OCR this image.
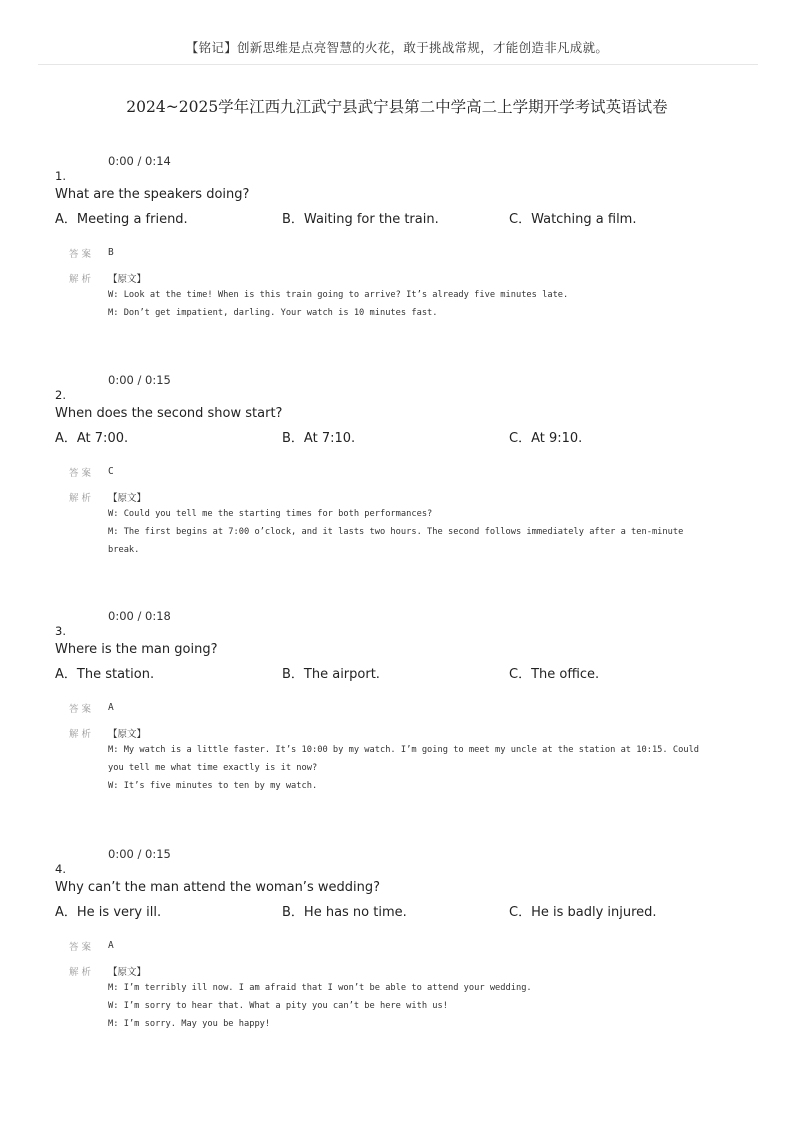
【铭记】创新思维是点亮智慧的火花，敢于挑战常规，才能创造非凡成就。
2024~2025学年江西九江武宁县武宁县第二中学高二上学期开学考试英语试卷
0:00 / 0:14
1.
What are the speakers doing?
A．Meeting a friend.	B．Waiting for the train.	C．Watching a film.
答案 B
解析 【原文】
W: Look at the time! When is this train going to arrive? It’s already five minutes late.
M: Don’t get impatient, darling. Your watch is 10 minutes fast.
0:00 / 0:15
2.
When does the second show start?
A．At 7:00.	B．At 7:10.	C．At 9:10.
答案 C
解析 【原文】
W: Could you tell me the starting times for both performances?
M: The first begins at 7:00 o’clock, and it lasts two hours. The second follows immediately after a ten-minute
break.
0:00 / 0:18
3.
Where is the man going?
A．The station.	B．The airport.	C．The office.
答案 A
解析 【原文】
M: My watch is a little faster. It’s 10:00 by my watch. I’m going to meet my uncle at the station at 10:15. Could
you tell me what time exactly is it now?
W: It’s five minutes to ten by my watch.
0:00 / 0:15
4.
Why can’t the man attend the woman’s wedding?
A．He is very ill.	B．He has no time.	C．He is badly injured.
答案 A
解析 【原文】
M: I’m terribly ill now. I am afraid that I won’t be able to attend your wedding.
W: I’m sorry to hear that. What a pity you can’t be here with us!
M: I’m sorry. May you be happy!
